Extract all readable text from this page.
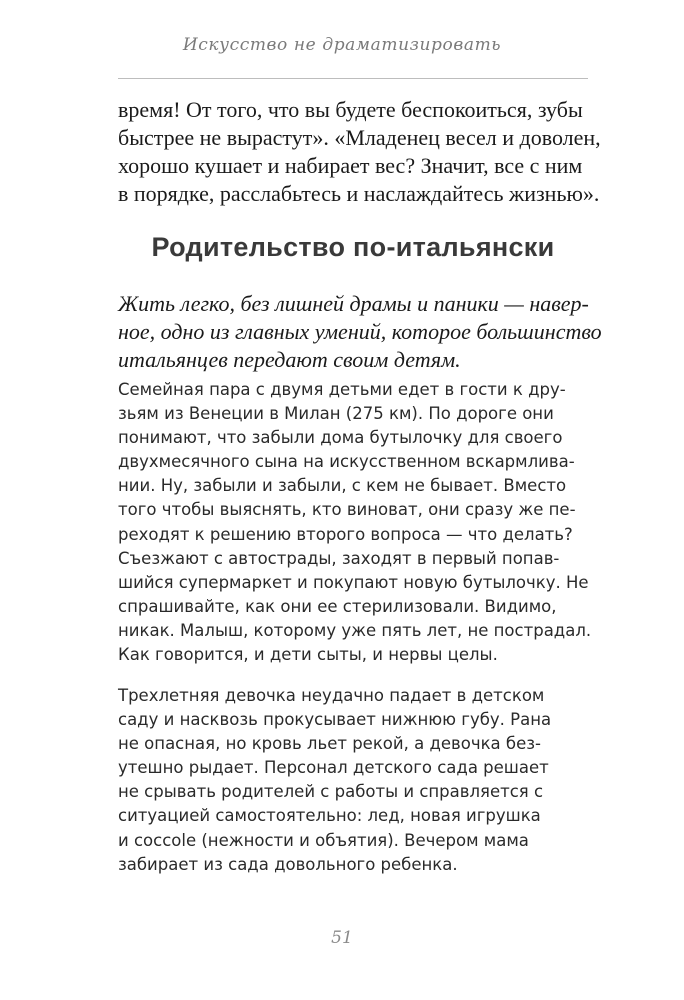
Искусство не драматизировать
время! От того, что вы будете беспокоиться, зубы
быстрее не вырастут». «Младенец весел и доволен,
хорошо кушает и набирает вес? Значит, все с ним
в порядке, расслабьтесь и наслаждайтесь жизнью».
Родительство по-итальянски
Жить легко, без лишней драмы и паники — навер-
ное, одно из главных умений, которое большинство
итальянцев передают своим детям.
Семейная пара с двумя детьми едет в гости к дру-
зьям из Венеции в Милан (275 км). По дороге они
понимают, что забыли дома бутылочку для своего
двухмесячного сына на искусственном вскармлива-
нии. Ну, забыли и забыли, с кем не бывает. Вместо
того чтобы выяснять, кто виноват, они сразу же пе-
реходят к решению второго вопроса — что делать?
Съезжают с автострады, заходят в первый попав-
шийся супермаркет и покупают новую бутылочку. Не
спрашивайте, как они ее стерилизовали. Видимо,
никак. Малыш, которому уже пять лет, не пострадал.
Как говорится, и дети сыты, и нервы целы.
Трехлетняя девочка неудачно падает в детском
саду и насквозь прокусывает нижнюю губу. Рана
не опасная, но кровь льет рекой, а девочка без-
утешно рыдает. Персонал детского сада решает
не срывать родителей с работы и справляется с
ситуацией самостоятельно: лед, новая игрушка
и coccole (нежности и объятия). Вечером мама
забирает из сада довольного ребенка.
51
